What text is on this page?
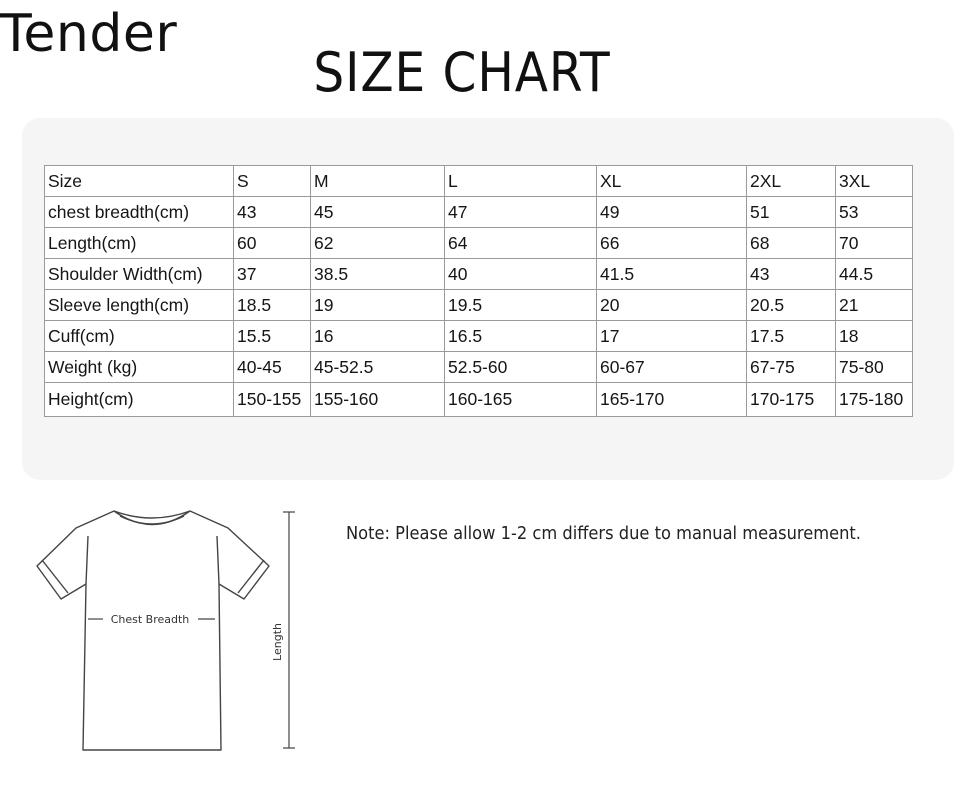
Tender
SIZE CHART
Size	S	M	L	XL	2XL	3XL
chest breadth(cm)	43	45	47	49	51	53
Length(cm)	60	62	64	66	68	70
Shoulder Width(cm)	37	38.5	40	41.5	43	44.5
Sleeve length(cm)	18.5	19	19.5	20	20.5	21
Cuff(cm)	15.5	16	16.5	17	17.5	18
Weight (kg)	40-45	45-52.5	52.5-60	60-67	67-75	75-80
Height(cm)	150-155	155-160	160-165	165-170	170-175	175-180
Chest Breadth
Length
Note: Please allow 1-2 cm differs due to manual measurement.
